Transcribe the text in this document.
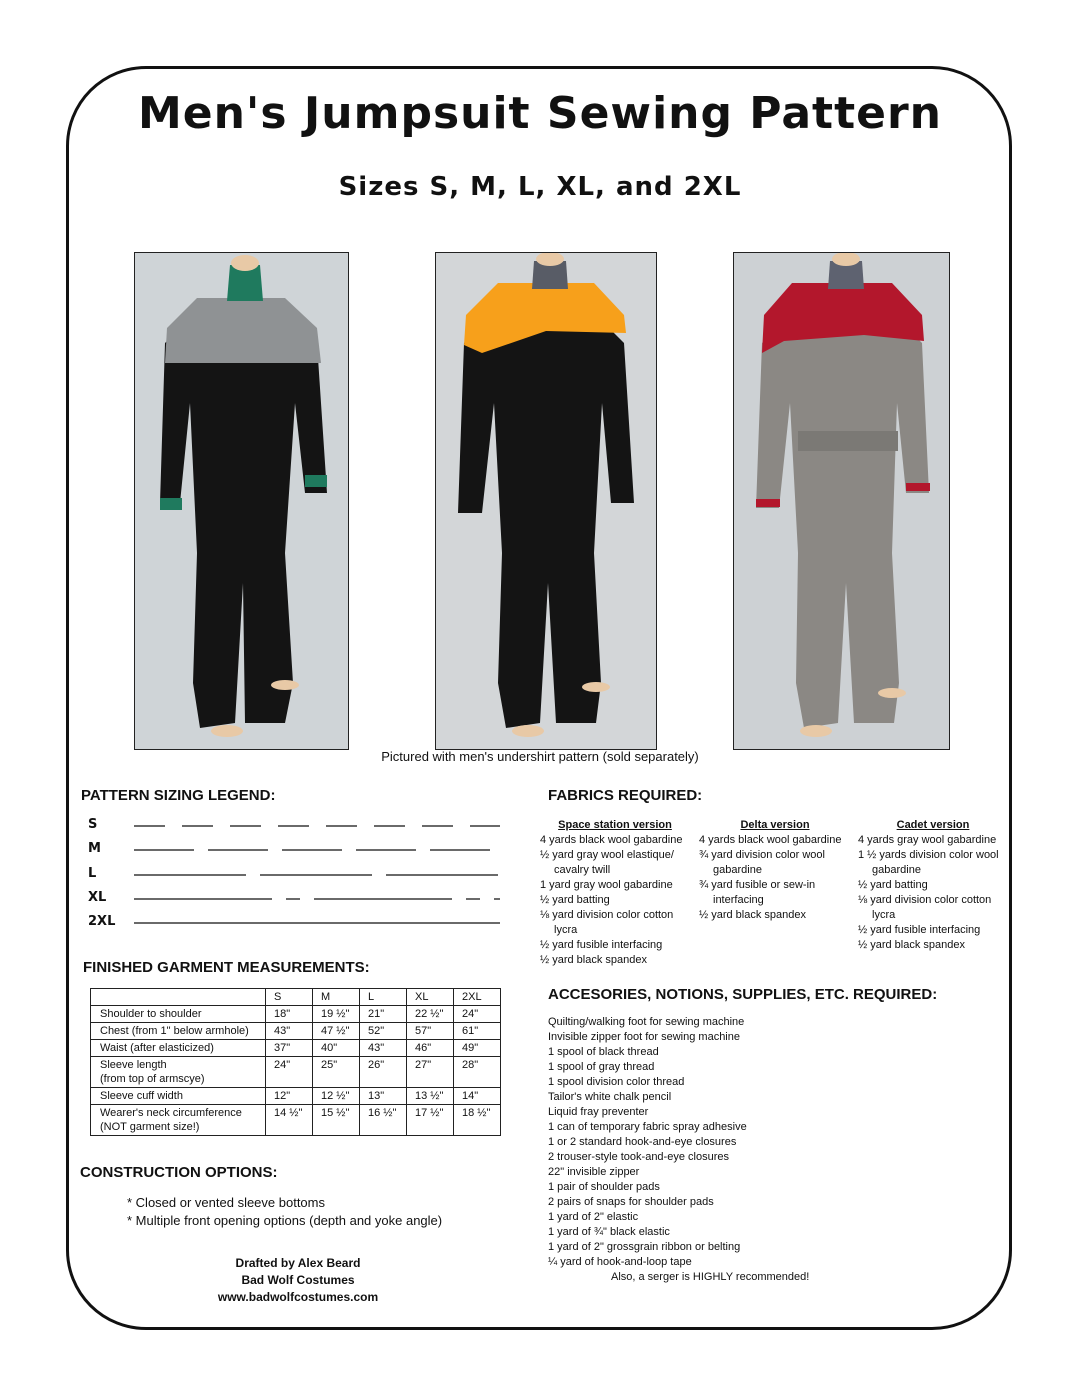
Men's Jumpsuit Sewing Pattern
Sizes S, M, L, XL, and 2XL
Pictured with men's undershirt pattern (sold separately)
PATTERN SIZING LEGEND:
S
M
L
XL
2XL
FINISHED GARMENT MEASUREMENTS:
	S	M	L	XL	2XL
Shoulder to shoulder	18"	19 ½"	21"	22 ½"	24"
Chest (from 1" below armhole)	43"	47 ½"	52"	57"	61"
Waist (after elasticized)	37"	40"	43"	46"	49"
Sleeve length
(from top of armscye)	24"	25"	26"	27"	28"
Sleeve cuff width	12"	12 ½"	13"	13 ½"	14"
Wearer's neck circumference
(NOT garment size!)	14 ½"	15 ½"	16 ½"	17 ½"	18 ½"
CONSTRUCTION OPTIONS:
* Closed or vented sleeve bottoms
* Multiple front opening options (depth and yoke angle)
Drafted by Alex Beard
Bad Wolf Costumes
www.badwolfcostumes.com
FABRICS REQUIRED:
Space station version
4 yards black wool gabardine
½ yard gray wool elastique/ cavalry twill
1 yard gray wool gabardine
½ yard batting
⅛ yard division color cotton lycra
½ yard fusible interfacing
½ yard black spandex
Delta version
4 yards black wool gabardine
¾ yard division color wool gabardine
¾ yard fusible or sew-in interfacing
½ yard black spandex
Cadet version
4 yards gray wool gabardine
1 ½ yards division color wool gabardine
½ yard batting
⅛ yard division color cotton lycra
½ yard fusible interfacing
½ yard black spandex
ACCESORIES, NOTIONS, SUPPLIES, ETC. REQUIRED:
Quilting/walking foot for sewing machine
Invisible zipper foot for sewing machine
1 spool of black thread
1 spool of gray thread
1 spool division color thread
Tailor's white chalk pencil
Liquid fray preventer
1 can of temporary fabric spray adhesive
1 or 2 standard hook-and-eye closures
2 trouser-style took-and-eye closures
22" invisible zipper
1 pair of shoulder pads
2 pairs of snaps for shoulder pads
1 yard of 2" elastic
1 yard of ¾" black elastic
1 yard of 2" grossgrain ribbon or belting
¼ yard of hook-and-loop tape
Also, a serger is HIGHLY recommended!
